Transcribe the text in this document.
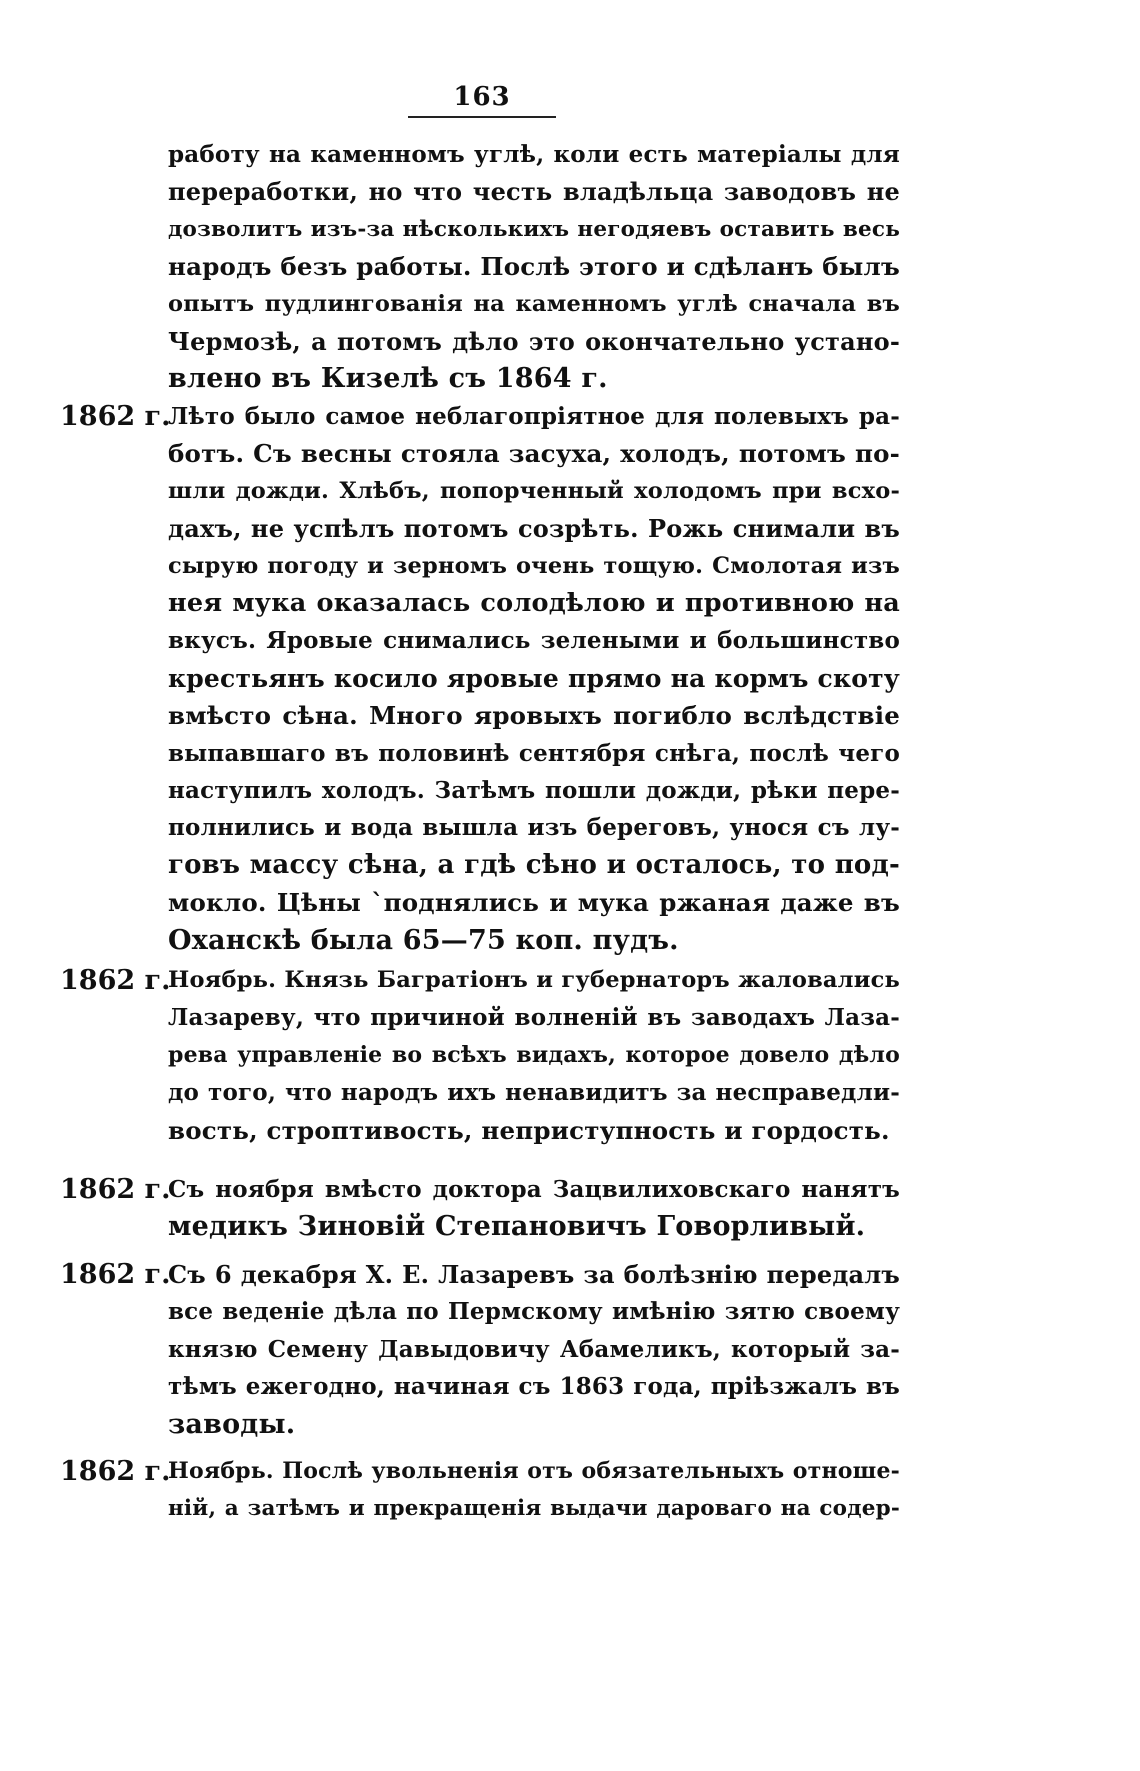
163
работу на каменномъ углѣ, коли есть матеріалы для
переработки, но что честь владѣльца заводовъ не
дозволитъ изъ-за нѣсколькихъ негодяевъ оставить весь
народъ безъ работы. Послѣ этого и сдѣланъ былъ
опытъ пудлингованія на каменномъ углѣ сначала въ
Чермозѣ, а потомъ дѣло это окончательно устано-
влено въ Кизелѣ съ 1864 г.
1862 г.
Лѣто было самое неблагопріятное для полевыхъ ра-
ботъ. Съ весны стояла засуха, холодъ, потомъ по-
шли дожди. Хлѣбъ, попорченный холодомъ при всхо-
дахъ, не успѣлъ потомъ созрѣть. Рожь снимали въ
сырую погоду и зерномъ очень тощую. Смолотая изъ
нея мука оказалась солодѣлою и противною на
вкусъ. Яровые снимались зелеными и большинство
крестьянъ косило яровые прямо на кормъ скоту
вмѣсто сѣна. Много яровыхъ погибло вслѣдствіе
выпавшаго въ половинѣ сентября снѣга, послѣ чего
наступилъ холодъ. Затѣмъ пошли дожди, рѣки пере-
полнились и вода вышла изъ береговъ, унося съ лу-
говъ массу сѣна, а гдѣ сѣно и осталось, то под-
мокло. Цѣны `поднялись и мука ржаная даже въ
Оханскѣ была 65—75 коп. пудъ.
1862 г.
Ноябрь. Князь Багратіонъ и губернаторъ жаловались
Лазареву, что причиной волненій въ заводахъ Лаза-
рева управленіе во всѣхъ видахъ, которое довело дѣло
до того, что народъ ихъ ненавидитъ за несправедли-
вость, строптивость, неприступность и гордость.
1862 г.
Съ ноября вмѣсто доктора Зацвилиховскаго нанятъ
медикъ Зиновій Степановичъ Говорливый.
1862 г.
Съ 6 декабря Х. Е. Лазаревъ за болѣзнію передалъ
все веденіе дѣла по Пермскому имѣнію зятю своему
князю Семену Давыдовичу Абамеликъ, который за-
тѣмъ ежегодно, начиная съ 1863 года, пріѣзжалъ въ
заводы.
1862 г.
Ноябрь. Послѣ увольненія отъ обязательныхъ отноше-
ній, а затѣмъ и прекращенія выдачи дароваго на содер-
